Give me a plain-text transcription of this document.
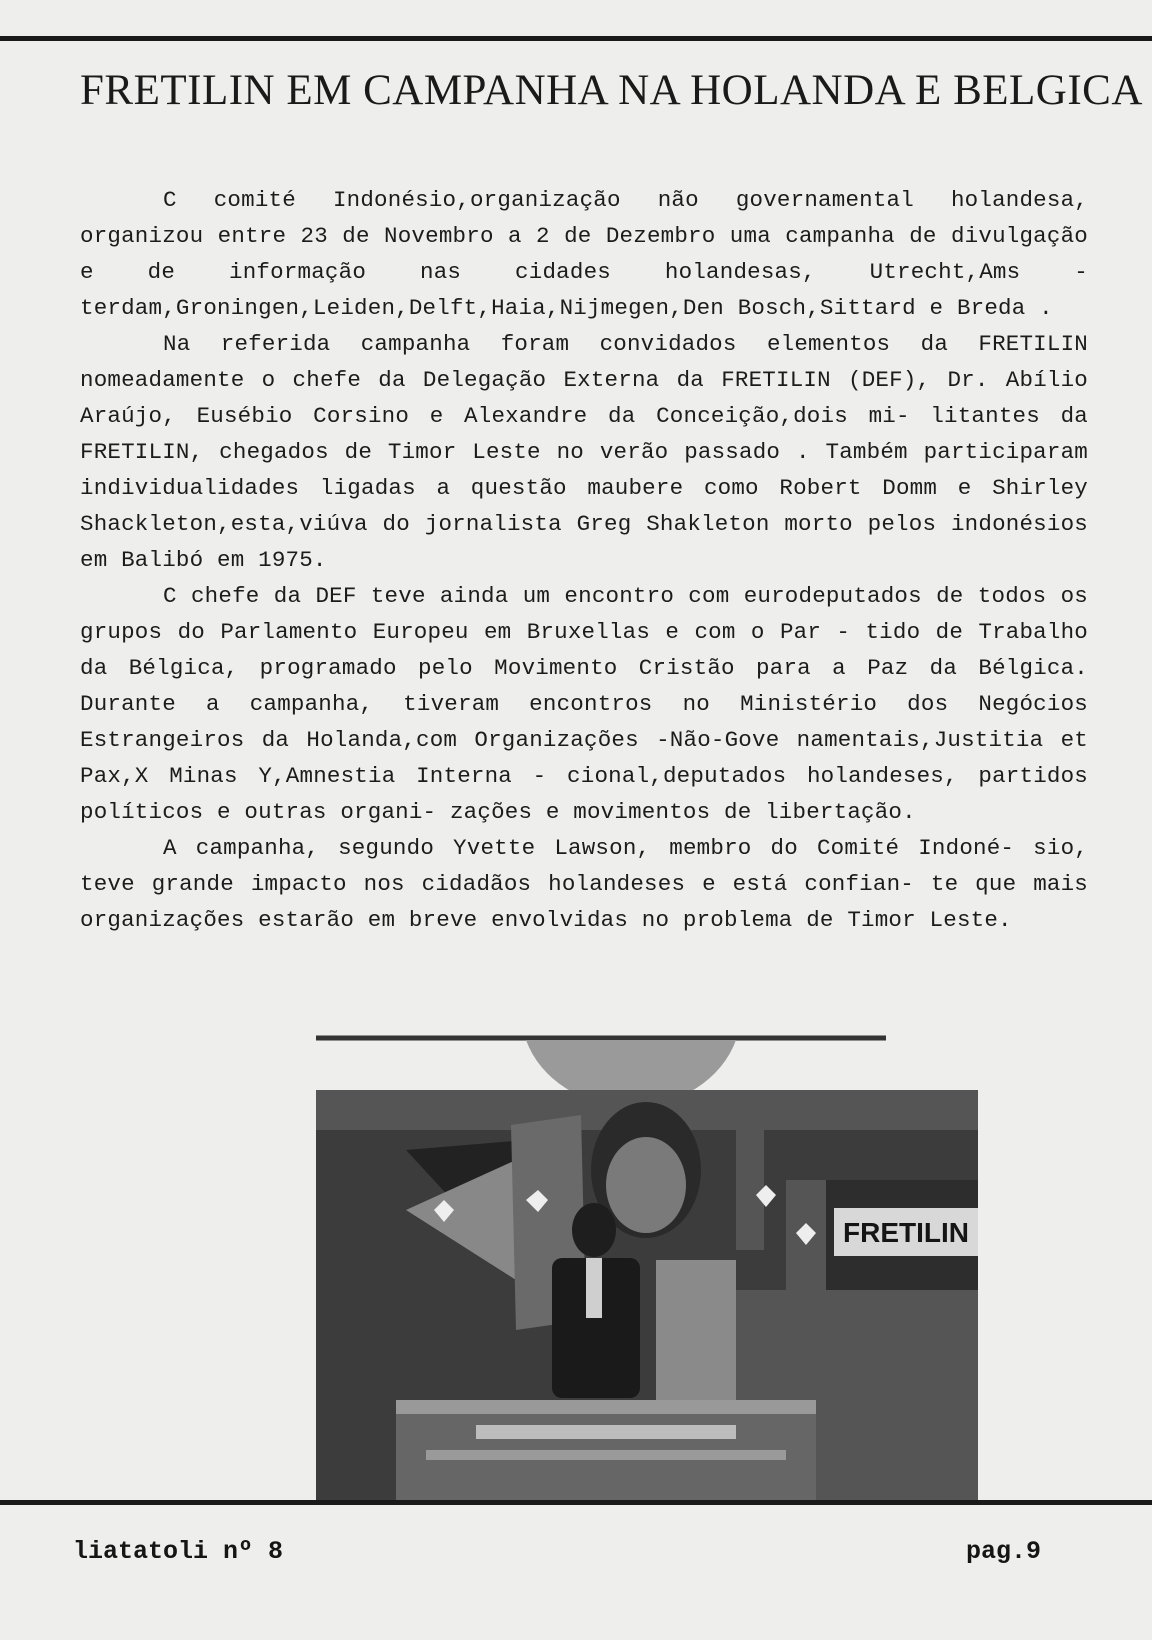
FRETILIN EM CAMPANHA NA HOLANDA E BELGICA

C comité Indonésio,organização não governamental holandesa, organizou entre 23 de Novembro a 2 de Dezembro uma campanha de divulgação e de informação nas cidades holandesas, Utrecht,Ams - terdam,Groningen,Leiden,Delft,Haia,Nijmegen,Den Bosch,Sittard e Breda .

Na referida campanha foram convidados elementos da FRETILIN nomeadamente o chefe da Delegação Externa da FRETILIN (DEF), Dr. Abílio Araújo, Eusébio Corsino e Alexandre da Conceição,dois mi- litantes da FRETILIN, chegados de Timor Leste no verão passado . Também participaram individualidades ligadas a questão maubere como Robert Domm e Shirley Shackleton,esta,viúva do jornalista Greg Shakleton morto pelos indonésios em Balibó em 1975.

C chefe da DEF teve ainda um encontro com eurodeputados de todos os grupos do Parlamento Europeu em Bruxellas e com o Par - tido de Trabalho da Bélgica, programado pelo Movimento Cristão para a Paz da Bélgica. Durante a campanha, tiveram encontros no Ministério dos Negócios Estrangeiros da Holanda,com Organizações -Não-Gove namentais,Justitia et Pax,X Minas Y,Amnestia Interna - cional,deputados holandeses, partidos políticos e outras organi- zações e movimentos de libertação.

A campanha, segundo Yvette Lawson, membro do Comité Indoné- sio, teve grande impacto nos cidadãos holandeses e está confian- te que mais organizações estarão em breve envolvidas no problema de Timor Leste.

FRETILIN

liatatoli nº 8	pag.9
